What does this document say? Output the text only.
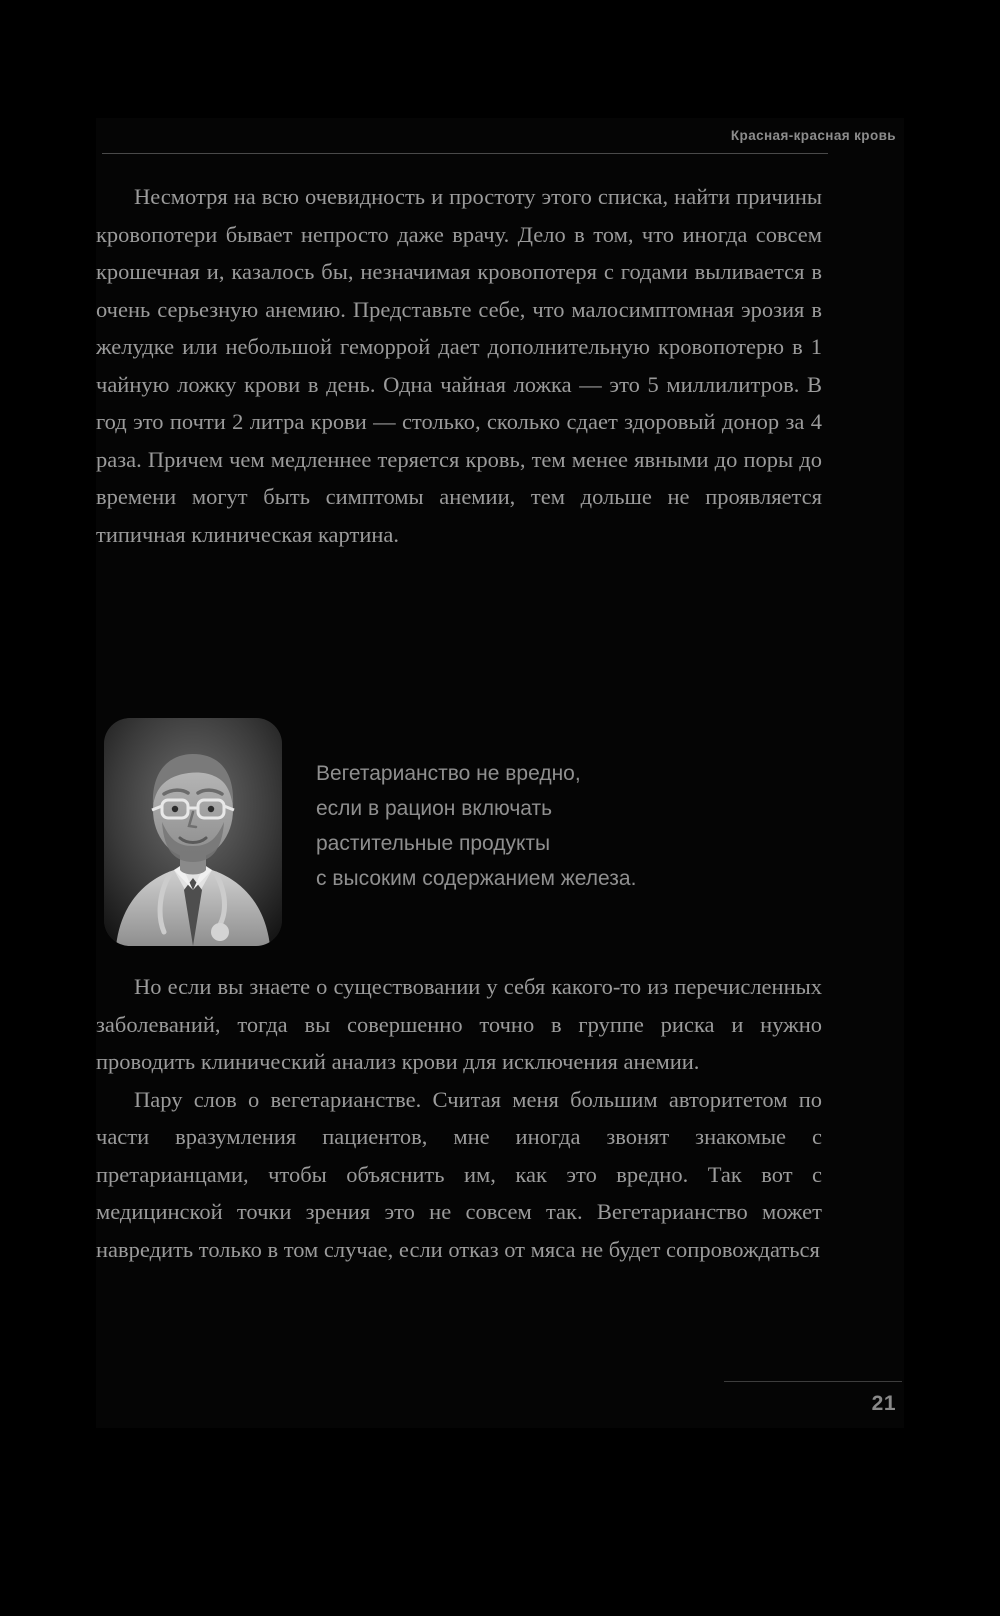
Красная-красная кровь

Несмотря на всю очевидность и простоту этого списка, найти причины кровопотери бывает непросто даже врачу. Дело в том, что иногда совсем крошечная и, казалось бы, незначимая кровопотеря с годами выливается в очень серьезную анемию. Представьте себе, что малосимптомная эрозия в желудке или небольшой геморрой дает дополнительную кровопотерю в 1 чайную ложку крови в день. Одна чайная ложка — это 5 миллилитров. В год это почти 2 литра крови — столько, сколько сдает здоровый донор за 4 раза. Причем чем медленнее теряется кровь, тем менее явными до поры до времени могут быть симптомы анемии, тем дольше не проявляется типичная клиническая картина.

Вегетарианство не вредно,
если в рацион включать
растительные продукты
с высоким содержанием железа.

Но если вы знаете о существовании у себя какого-то из перечисленных заболеваний, тогда вы совершенно точно в группе риска и нужно проводить клинический анализ крови для исключения анемии.

Пару слов о вегетарианстве. Считая меня большим авторитетом по части вразумления пациентов, мне иногда звонят знакомые с претарианцами, чтобы объяснить им, как это вредно. Так вот с медицинской точки зрения это не совсем так. Вегетарианство может навредить только в том случае, если отказ от мяса не будет сопровождаться

21
